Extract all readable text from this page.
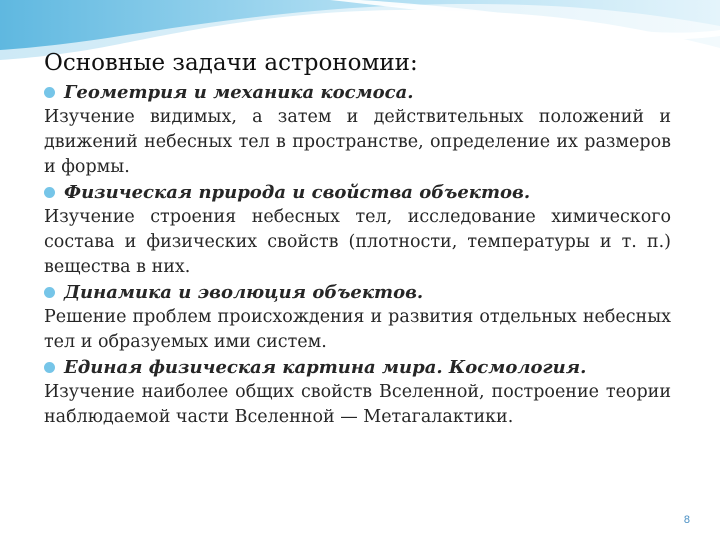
Основные задачи астрономии:
Геометрия и механика космоса.

Изучение видимых, а затем и действительных положений и движений небесных тел в пространстве, определение их размеров и формы.

Физическая природа и свойства объектов.

Изучение строения небесных тел, исследование химического состава и физических свойств (плотности, температуры и т. п.) вещества в них.

Динамика и эволюция объектов.

Решение проблем происхождения и развития отдельных небесных тел и образуемых ими систем.

Единая физическая картина мира. Космология.

Изучение наиболее общих свойств Вселенной, построение теории наблюдаемой части Вселенной — Метагалактики.

8
